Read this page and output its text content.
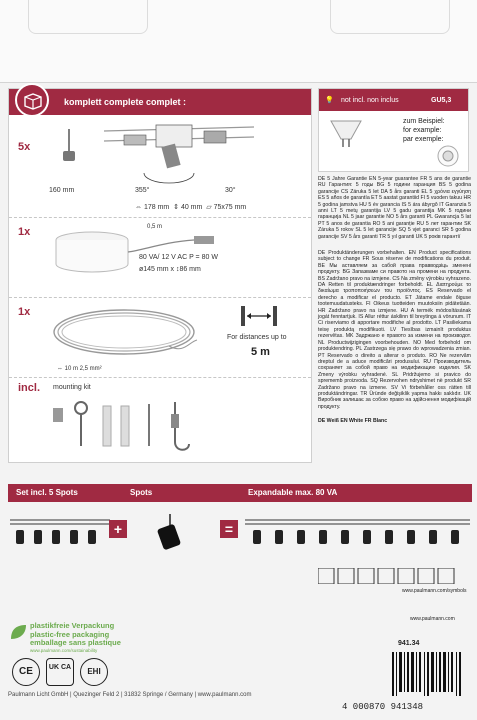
komplett complete complet :
5x
160 mm	355°	30°
⇔ 178 mm  ⇕ 40 mm  ▱ 75x75 mm
1x	0,5 m
80 VA/ 12 V AC P = 80 W
ø145 mm x ↕86 mm
1x
⇔ 10 m 2,5 mm²
For distances up to
5 m
incl. mounting kit
💡 not incl. non inclus	GU5,3
zum Beispiel:
for example:
par exemple:
DE 5 Jahre Garantie EN 5-year guarantee FR 5 ans de garantie RU Гарантия: 5 годы BG 5 години гаранция BS 5 godina garancije CS Záruka 5 let DA 5 års garanti EL 5 χρόνια εγγύηση ES 5 años de garantía ET 5 aastat garantiid FI 5 vuoden takuu HR 5 godina jamstva HU 5 év garancia IS 5 ára ábyrgð IT Garanzia 5 anni LT 5 metų garantija LV 5 gadu garantija MK 5 години гаранција NL 5 jaar garantie NO 5 års garanti PL Gwarancja 5 lat PT 5 anos de garantia RO 5 ani garanție RU 5 лет гарантии SK Záruka 5 rokov SL 5 let garancije SQ 5 vjet garanci SR 5 godina garancije SV 5 års garanti TR 5 yıl garanti UK 5 років гарантії
DE Produktänderungen vorbehalten. EN Product specifications subject to change FR Sous réserve de modifications du produit. BE Мы аставляем за сабой права правводзіць зменені продукту. BG Запазваме си правото на промени на продукта. BS Zadržano pravo na izmjene. CS Na změny výrobku vyhrazeno. DA Retten til produktændringer forbeholdt. EL Διατηρούμε το δικαίωμα τροποποιήσεων του προϊόντος. ES Reservado el derecho a modificar el producto. ET Jätame endale õiguse tootemuudatusteks. FI Oikeus tuotteiden muutoksiin pidätetään. HR Zadržano pravo na izmjene. HU A termék módosításának jogát fenntartjuk. IS Allur réttur áskilinn til breytinga á vörunum. IT Ci riserviamo di apportare modifiche al prodotto. LT Pasiliekama teisę produktą modifikuoti. LV Tiesības izmainīt produktus rezervētas. MK Задржано е правото за измени на производот. NL Productwijzigingen voorbehouden. NO Med forbehold om produktendring. PL Zastrzega się prawo do wprowadzenia zmian. PT Reservado o direito a alterar o produto. RO Ne rezervăm dreptul de a aduce modificări produsului. RU Производитель сохраняет за собой право на модификацию изделия. SK Zmeny výrobku vyhradené. SL Pridržujemo si pravico do sprememb proizvoda. SQ Rezervohen ndryshimet në produkt SR Zadržano pravo na izmene. SV Vi förbehåller oss rätten till produktändringar. TR Üründe değişiklik yapma hakkı saklıdır. UK Виробник залишає за собою право на здійснення модифікацій продукту.
DE Weiß EN White FR Blanc
Set incl. 5 Spots	Spots	Expandable max. 80 VA
+	=
www.paulmann.com/symbols
www.paulmann.com
plastikfreie Verpackung
plastic-free packaging
emballage sans plastique
www.paulmann.com/sustainability
CE	UK CA	EHI
Paulmann Licht GmbH | Quezinger Feld 2 | 31832 Springe / Germany | www.paulmann.com
941.34
4 000870 941348
